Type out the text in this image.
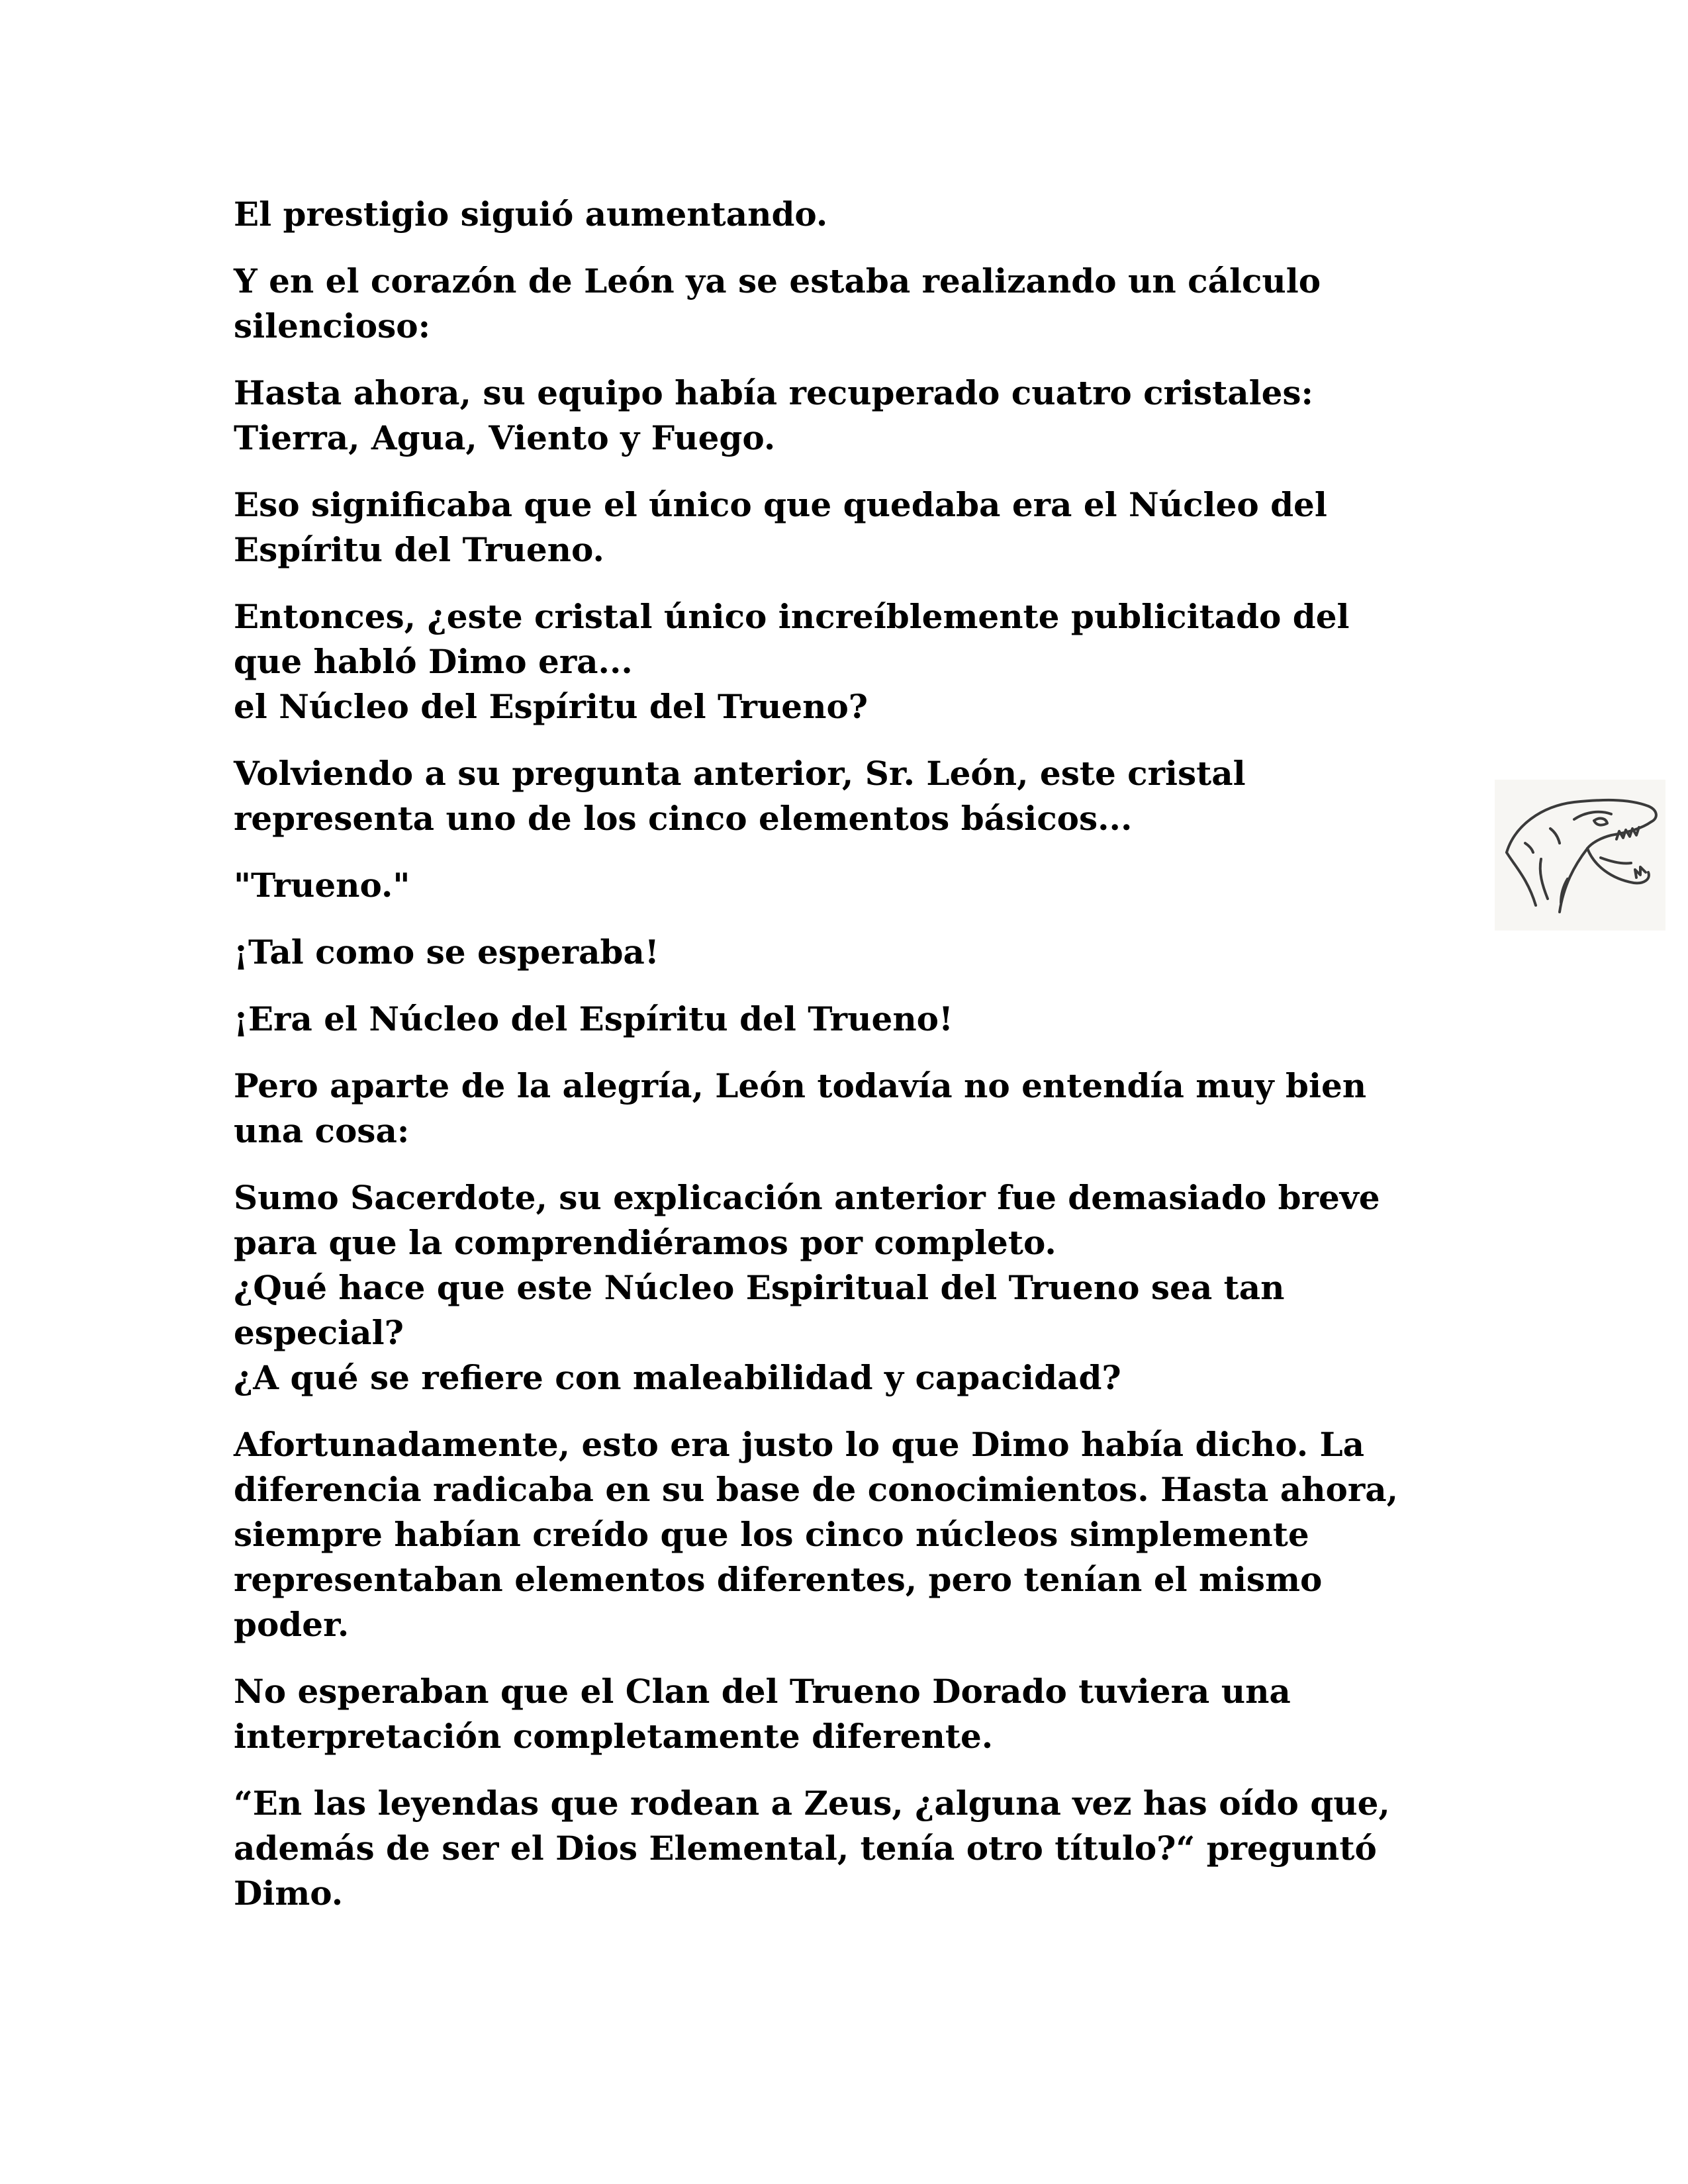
El prestigio siguió aumentando.

Y en el corazón de León ya se estaba realizando un cálculo
silencioso:

Hasta ahora, su equipo había recuperado cuatro cristales:
Tierra, Agua, Viento y Fuego.

Eso significaba que el único que quedaba era el Núcleo del
Espíritu del Trueno.

Entonces, ¿este cristal único increíblemente publicitado del
que habló Dimo era...
el Núcleo del Espíritu del Trueno?

Volviendo a su pregunta anterior, Sr. León, este cristal
representa uno de los cinco elementos básicos...

"Trueno."

¡Tal como se esperaba!

¡Era el Núcleo del Espíritu del Trueno!

Pero aparte de la alegría, León todavía no entendía muy bien
una cosa:

Sumo Sacerdote, su explicación anterior fue demasiado breve
para que la comprendiéramos por completo.
¿Qué hace que este Núcleo Espiritual del Trueno sea tan
especial?
¿A qué se refiere con maleabilidad y capacidad?

Afortunadamente, esto era justo lo que Dimo había dicho. La
diferencia radicaba en su base de conocimientos. Hasta ahora,
siempre habían creído que los cinco núcleos simplemente
representaban elementos diferentes, pero tenían el mismo
poder.

No esperaban que el Clan del Trueno Dorado tuviera una
interpretación completamente diferente.

“En las leyendas que rodean a Zeus, ¿alguna vez has oído que,
además de ser el Dios Elemental, tenía otro título?“ preguntó
Dimo.
